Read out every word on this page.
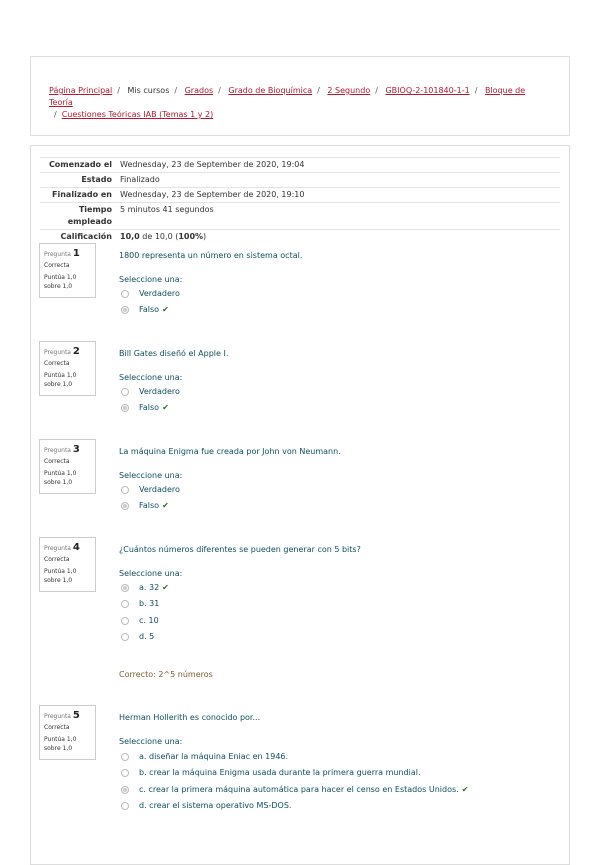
Página Principal / Mis cursos / Grados / Grado de Bioquímica / 2 Segundo / GBIOQ-2-101840-1-1 / Bloque de Teoría
/ Cuestiones Teóricas IAB (Temas 1 y 2)
Comenzado el	Wednesday, 23 de September de 2020, 19:04
Estado	Finalizado
Finalizado en	Wednesday, 23 de September de 2020, 19:10
Tiempo empleado	5 minutos 41 segundos
Calificación	10,0 de 10,0 (100%)
Pregunta 1
Correcta
Puntúa 1,0
sobre 1,0
1800 representa un número en sistema octal.
Seleccione una:
Verdadero
Falso ✔
Pregunta 2
Correcta
Puntúa 1,0
sobre 1,0
Bill Gates diseñó el Apple I.
Seleccione una:
Verdadero
Falso ✔
Pregunta 3
Correcta
Puntúa 1,0
sobre 1,0
La máquina Enigma fue creada por John von Neumann.
Seleccione una:
Verdadero
Falso ✔
Pregunta 4
Correcta
Puntúa 1,0
sobre 1,0
¿Cuántos números diferentes se pueden generar con 5 bits?
Seleccione una:
a. 32 ✔
b. 31
c. 10
d. 5
Correcto: 2^5 números
Pregunta 5
Correcta
Puntúa 1,0
sobre 1,0
Herman Hollerith es conocido por...
Seleccione una:
a. diseñar la máquina Eniac en 1946.
b. crear la máquina Enigma usada durante la primera guerra mundial.
c. crear la primera máquina automática para hacer el censo en Estados Unidos. ✔
d. crear el sistema operativo MS-DOS.
